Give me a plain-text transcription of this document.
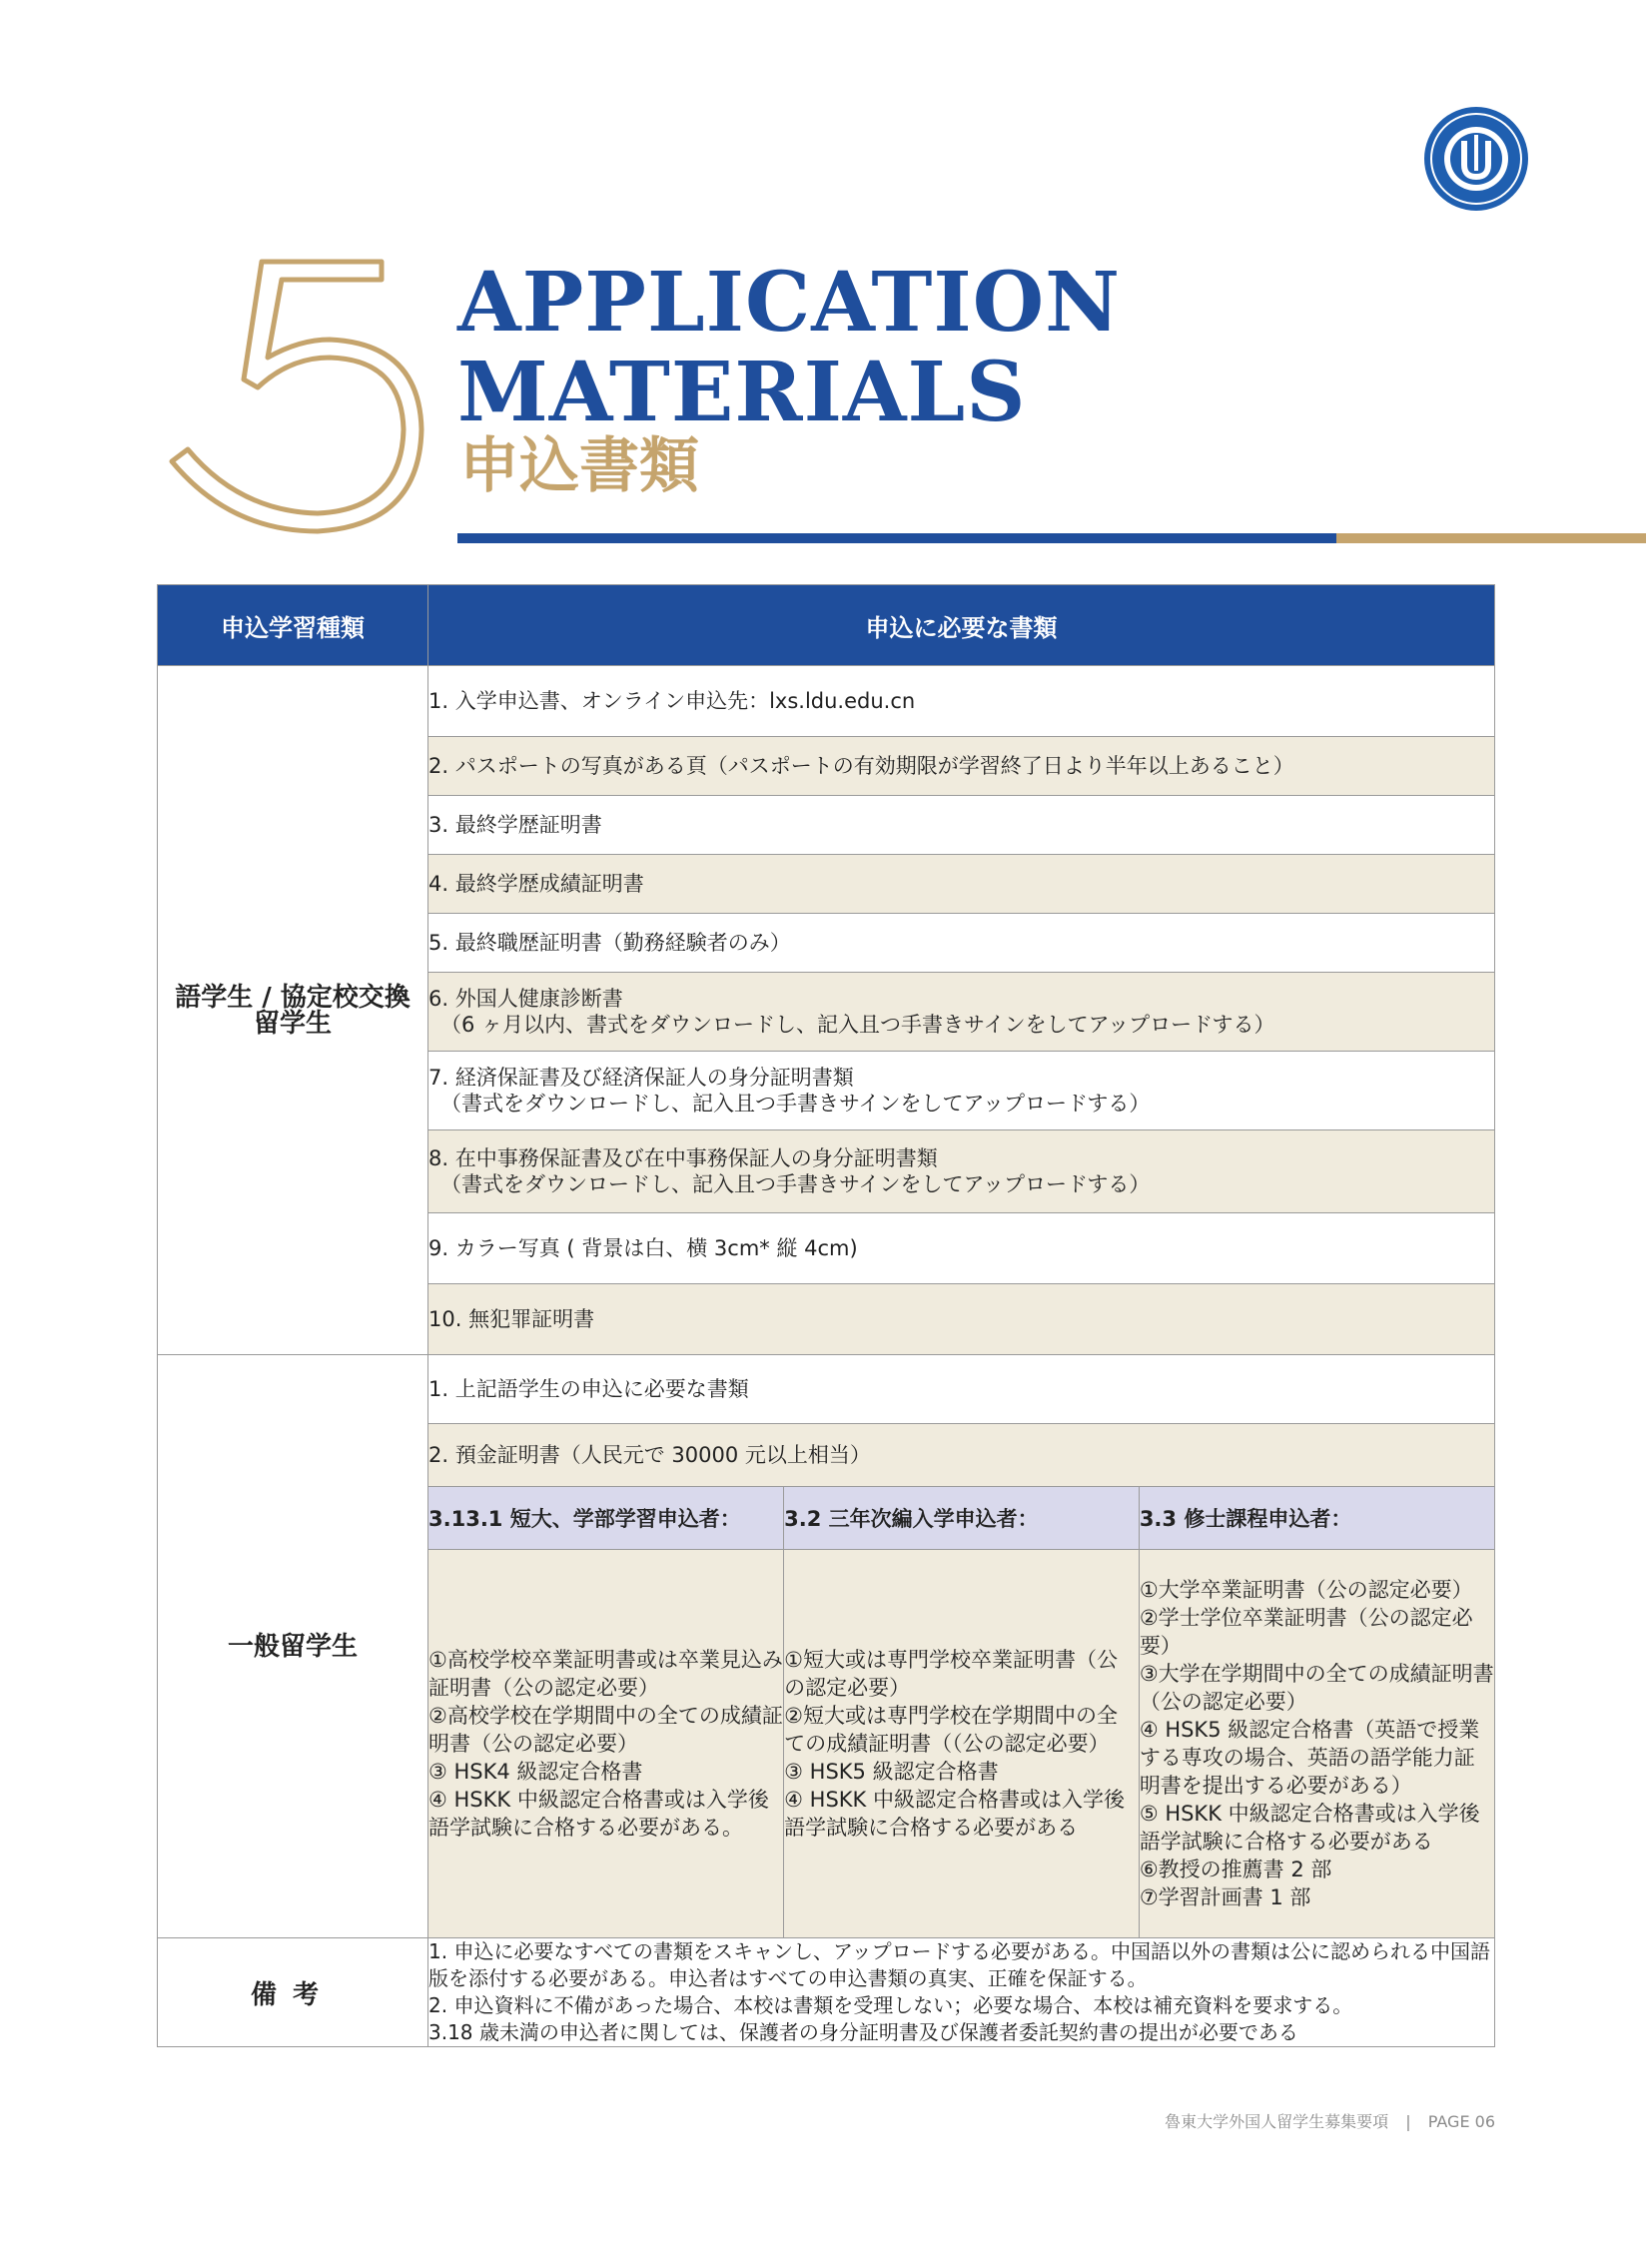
APPLICATION
MATERIALS
申込書類
申込学習種類	申込に必要な書類

語学生 / 協定校交換
留学生

1. 入学申込書、オンライン申込先：lxs.ldu.edu.cn

2. パスポートの写真がある頁（パスポートの有効期限が学習終了日より半年以上あること）

3. 最終学歴証明書

4. 最終学歴成績証明書

5. 最終職歴証明書（勤務経験者のみ）

6. 外国人健康診断書
（6 ヶ月以内、書式をダウンロードし、記入且つ手書きサインをしてアップロードする）

7. 経済保証書及び経済保証人の身分証明書類
（書式をダウンロードし、記入且つ手書きサインをしてアップロードする）

8. 在中事務保証書及び在中事務保証人の身分証明書類
（書式をダウンロードし、記入且つ手書きサインをしてアップロードする）

9. カラー写真 ( 背景は白、横 3cm* 縦 4cm)

10. 無犯罪証明書

一般留学生	
1. 上記語学生の申込に必要な書類

2. 預金証明書（人民元で 30000 元以上相当）

3.13.1 短大、学部学習申込者：	3.2 三年次編入学申込者：	3.3 修士課程申込者：

①高校学校卒業証明書或は卒業見込み証明書（公の認定必要）
②高校学校在学期間中の全ての成績証明書（公の認定必要）
③ HSK4 級認定合格書
④ HSKK 中級認定合格書或は入学後語学試験に合格する必要がある。

①短大或は専門学校卒業証明書（公の認定必要）
②短大或は専門学校在学期間中の全ての成績証明書（（公の認定必要）
③ HSK5 級認定合格書
④ HSKK 中級認定合格書或は入学後語学試験に合格する必要がある

①大学卒業証明書（公の認定必要）
②学士学位卒業証明書（公の認定必要）
③大学在学期間中の全ての成績証明書（公の認定必要）
④ HSK5 級認定合格書（英語で授業する専攻の場合、英語の語学能力証明書を提出する必要がある）
⑤ HSKK 中級認定合格書或は入学後語学試験に合格する必要がある
⑥教授の推薦書 2 部
⑦学習計画書 1 部

備考	
1. 申込に必要なすべての書類をスキャンし、アップロードする必要がある。中国語以外の書類は公に認められる中国語版を添付する必要がある。申込者はすべての申込書類の真実、正確を保証する。
2. 申込資料に不備があった場合、本校は書類を受理しない；必要な場合、本校は補充資料を要求する。
3.18 歳未満の申込者に関しては、保護者の身分証明書及び保護者委託契約書の提出が必要である
魯東大学外国人留学生募集要項 | PAGE 06
